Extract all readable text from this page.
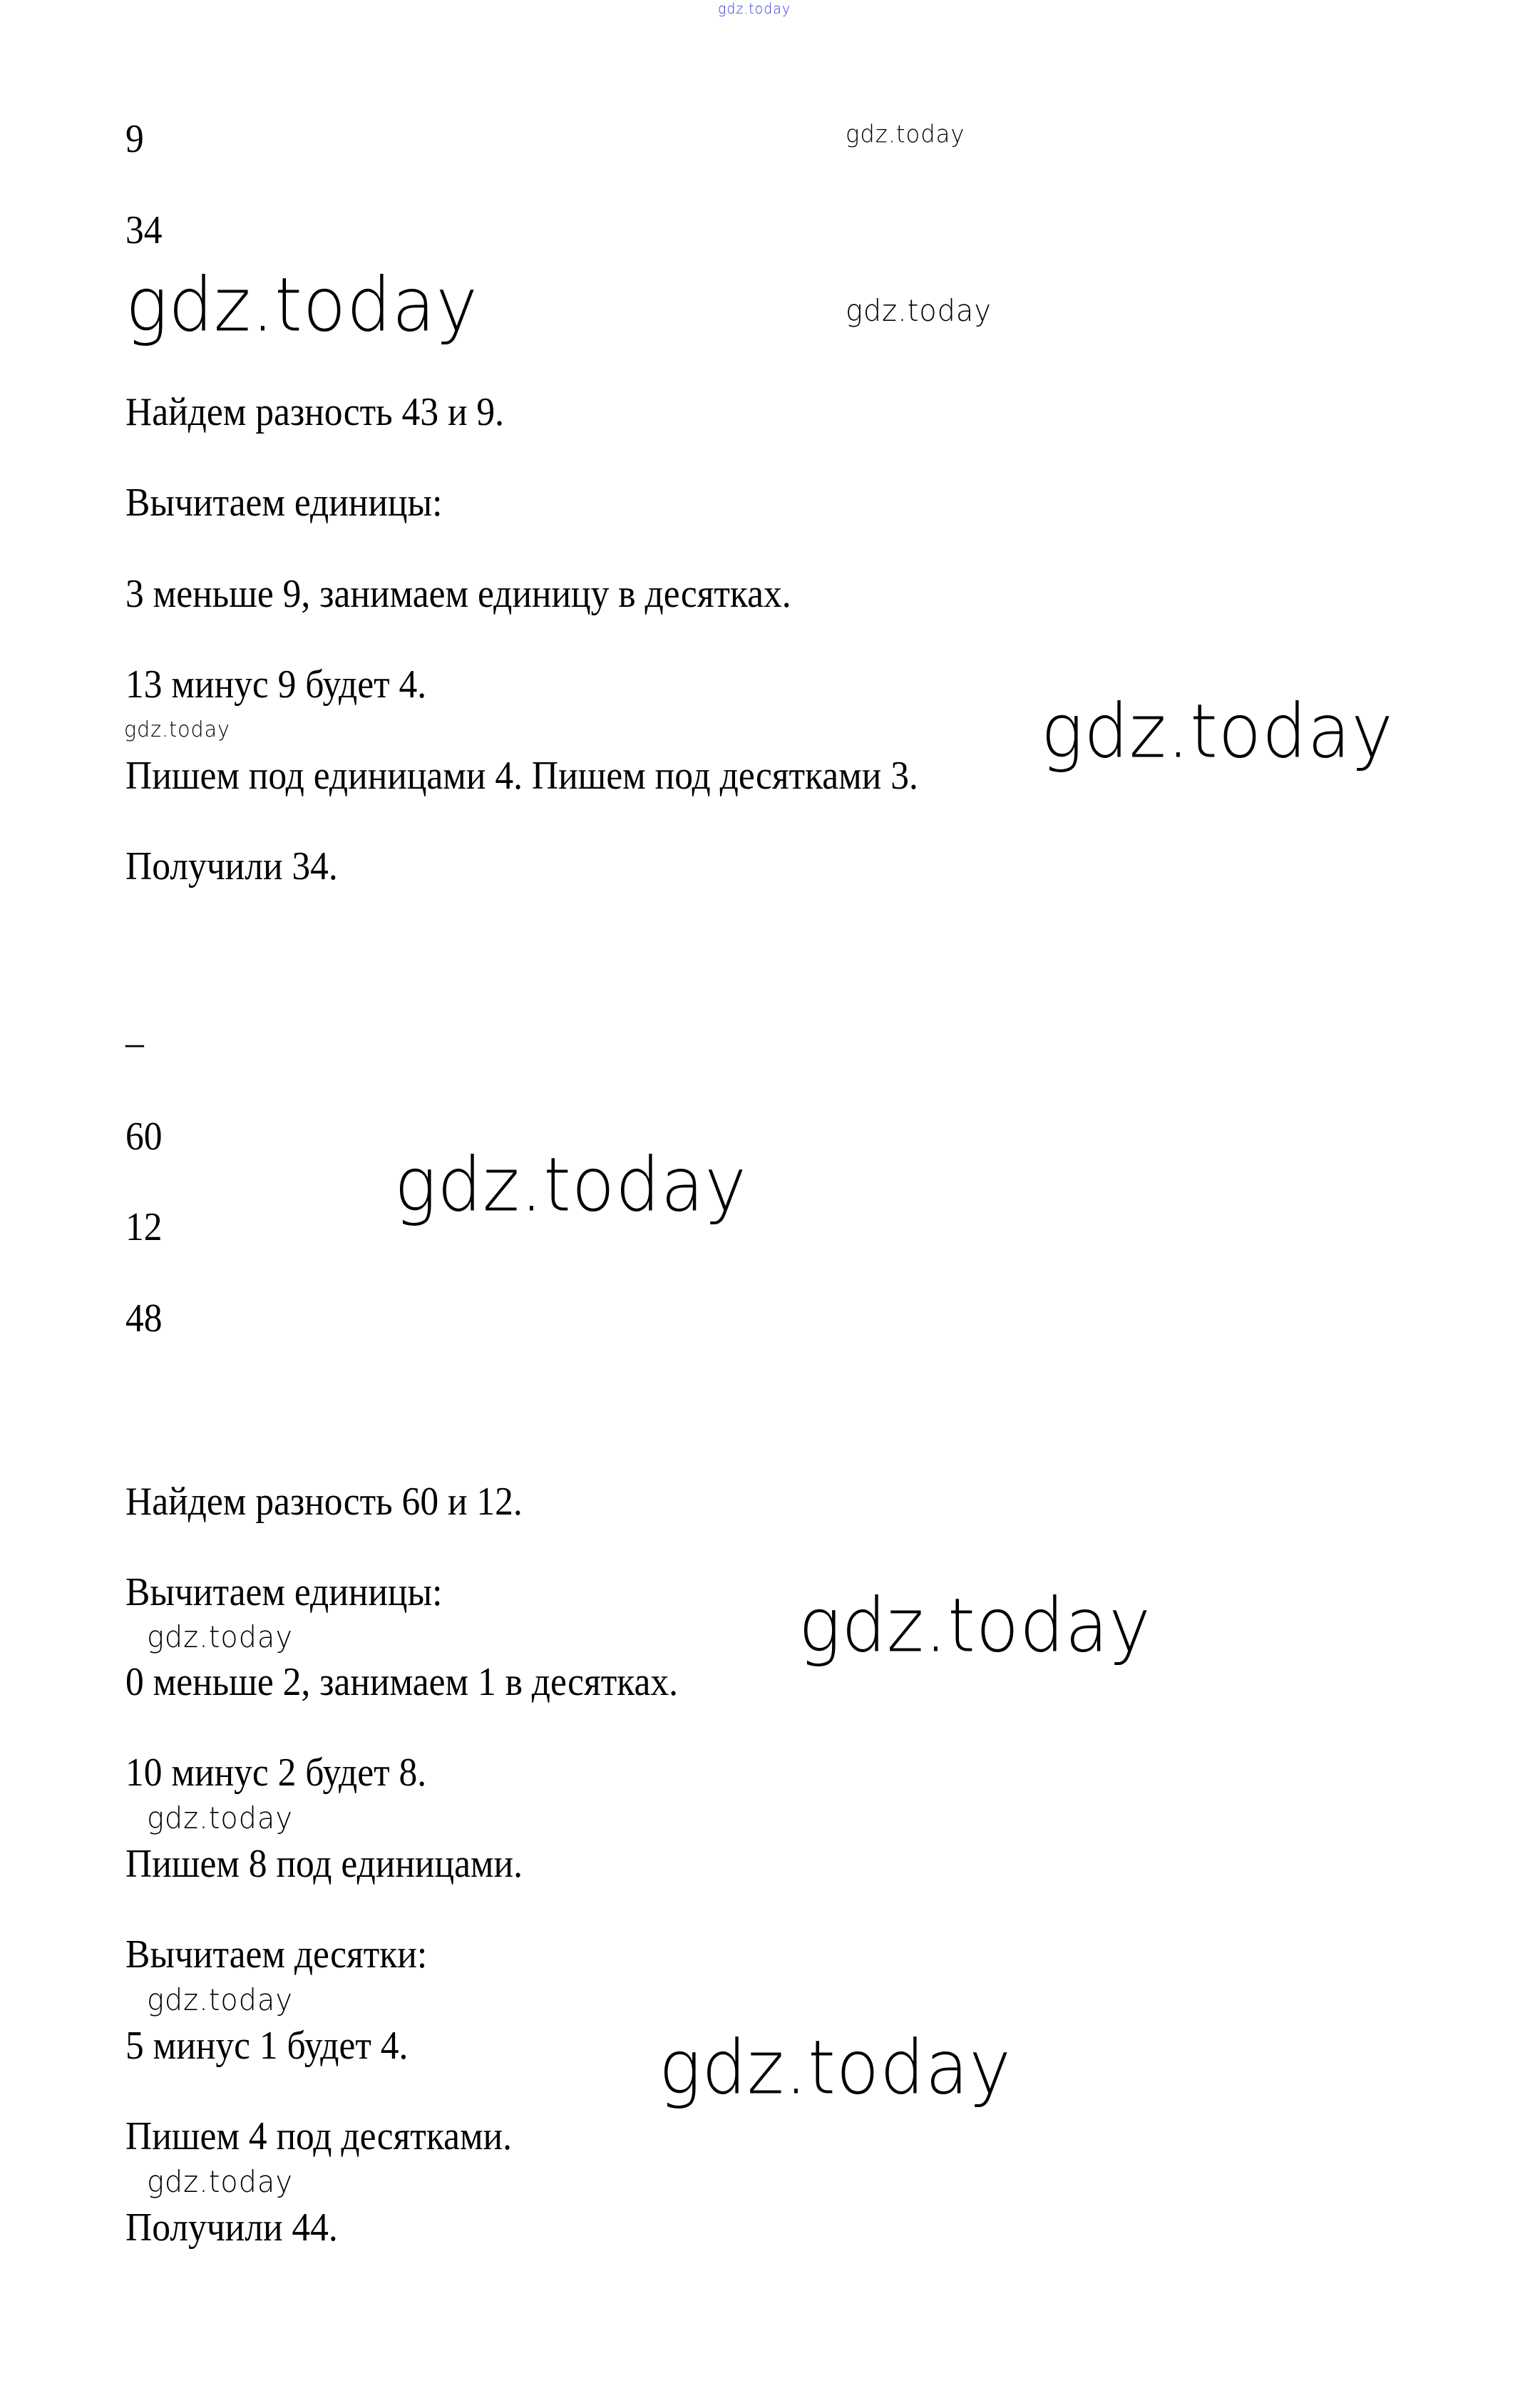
gdz.today
9
34
Найдем разность 43 и 9.
Вычитаем единицы:
3 меньше 9, занимаем единицу в десятках.
13 минус 9 будет 4.
Пишем под единицами 4. Пишем под десятками 3.
Получили 34.
–
60
12
48
Найдем разность 60 и 12.
Вычитаем единицы:
0 меньше 2, занимаем 1 в десятках.
10 минус 2 будет 8.
Пишем 8 под единицами.
Вычитаем десятки:
5 минус 1 будет 4.
Пишем 4 под десятками.
Получили 44.
gdz.today
gdz.today
gdz.today
gdz.today
gdz.today
gdz.today
gdz.today
gdz.today
gdz.today
gdz.today
gdz.today
gdz.today
